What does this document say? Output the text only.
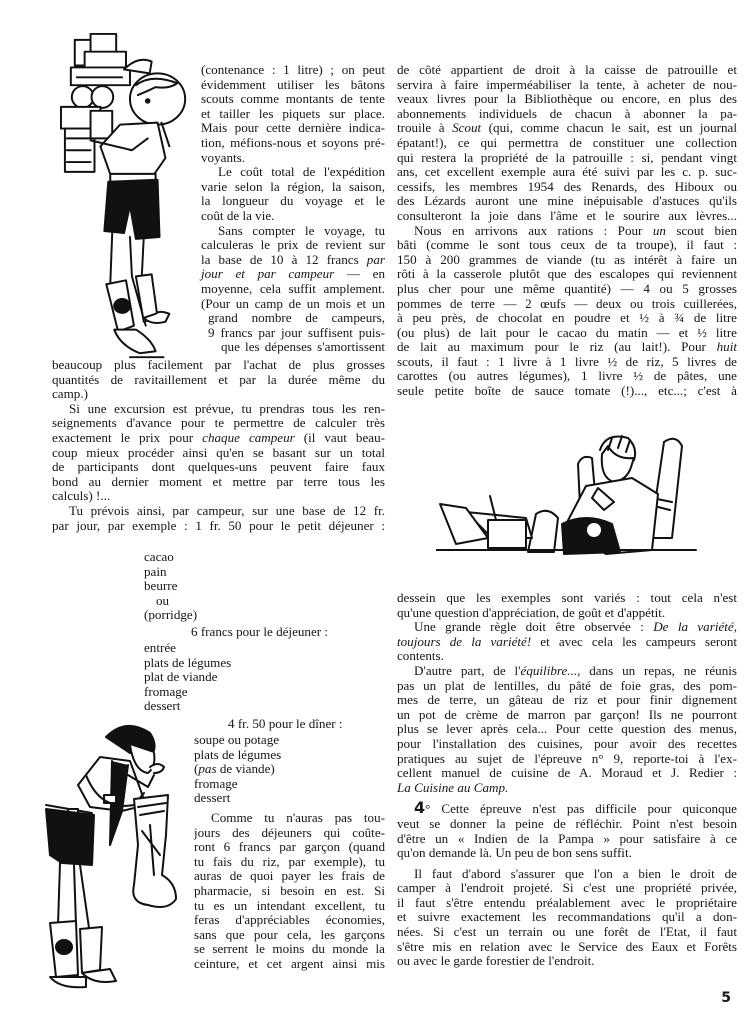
(contenance : 1 litre) ; on peut
évidemment utiliser les bâtons
scouts comme montants de tente
et tailler les piquets sur place.
Mais pour cette dernière indica-
tion, méfions-nous et soyons pré-
voyants.
Le coût total de l'expédition
varie selon la région, la saison,
la longueur du voyage et le
coût de la vie.
Sans compter le voyage, tu
calculeras le prix de revient sur
la base de 10 à 12 francs par
jour et par campeur — en
moyenne, cela suffit amplement.
(Pour un camp de un mois et un
grand nombre de campeurs,
9 francs par jour suffisent puis-
que les dépenses s'amortissent
beaucoup plus facilement par l'achat de plus grosses
quantités de ravitaillement et par la durée même du
camp.)
Si une excursion est prévue, tu prendras tous les ren-
seignements d'avance pour te permettre de calculer très
exactement le prix pour chaque campeur (il vaut beau-
coup mieux procéder ainsi qu'en se basant sur un total
de participants dont quelques-uns peuvent faire faux
bond au dernier moment et mettre par terre tous les
calculs) !...
Tu prévois ainsi, par campeur, sur une base de 12 fr.
par jour, par exemple : 1 fr. 50 pour le petit déjeuner :
cacao
pain
beurre
ou
(porridge)
6 francs pour le déjeuner :
entrée
plats de légumes
plat de viande
fromage
dessert
4 fr. 50 pour le dîner :
soupe ou potage
plats de légumes
(pas de viande)
fromage
dessert
Comme tu n'auras pas tou-
jours des déjeuners qui coûte-
ront 6 francs par garçon (quand
tu fais du riz, par exemple), tu
auras de quoi payer les frais de
pharmacie, si besoin en est. Si
tu es un intendant excellent, tu
feras d'appréciables économies,
sans que pour cela, les garçons
se serrent le moins du monde la
ceinture, et cet argent ainsi mis
de côté appartient de droit à la caisse de patrouille et
servira à faire imperméabiliser la tente, à acheter de nou-
veaux livres pour la Bibliothèque ou encore, en plus des
abonnements individuels de chacun à abonner la pa-
trouile à Scout (qui, comme chacun le sait, est un journal
épatant!), ce qui permettra de constituer une collection
qui restera la propriété de la patrouille : si, pendant vingt
ans, cet excellent exemple aura été suivi par les c. p. suc-
cessifs, les membres 1954 des Renards, des Hiboux ou
des Lézards auront une mine inépuisable d'astuces qu'ils
consulteront la joie dans l'âme et le sourire aux lèvres...
Nous en arrivons aux rations : Pour un scout bien
bâti (comme le sont tous ceux de ta troupe), il faut :
150 à 200 grammes de viande (tu as intérêt à faire un
rôti à la casserole plutôt que des escalopes qui reviennent
plus cher pour une même quantité) — 4 ou 5 grosses
pommes de terre — 2 œufs — deux ou trois cuillerées,
à peu près, de chocolat en poudre et ½ à ¾ de litre
(ou plus) de lait pour le cacao du matin — et ½ litre
de lait au maximum pour le riz (au lait!). Pour huit
scouts, il faut : 1 livre à 1 livre ½ de riz, 5 livres de
carottes (ou autres légumes), 1 livre ½ de pâtes, une
seule petite boîte de sauce tomate (!)..., etc...; c'est à
dessein que les exemples sont variés : tout cela n'est
qu'une question d'appréciation, de goût et d'appétit.
Une grande règle doit être observée : De la variété,
toujours de la variété! et avec cela les campeurs seront
contents.
D'autre part, de l'équilibre..., dans un repas, ne réunis
pas un plat de lentilles, du pâté de foie gras, des pom-
mes de terre, un gâteau de riz et pour finir dignement
un pot de crème de marron par garçon! Ils ne pourront
plus se lever après cela... Pour cette question des menus,
pour l'installation des cuisines, pour avoir des recettes
pratiques au sujet de l'épreuve n° 9, reporte-toi à l'ex-
cellent manuel de cuisine de A. Moraud et J. Redier :
La Cuisine au Camp.
4° Cette épreuve n'est pas difficile pour quiconque
veut se donner la peine de réfléchir. Point n'est besoin
d'être un « Indien de la Pampa » pour satisfaire à ce
qu'on demande là. Un peu de bon sens suffit.
Il faut d'abord s'assurer que l'on a bien le droit de
camper à l'endroit projeté. Si c'est une propriété privée,
il faut s'être entendu préalablement avec le propriétaire
et suivre exactement les recommandations qu'il a don-
nées. Si c'est un terrain ou une forêt de l'Etat, il faut
s'être mis en relation avec le Service des Eaux et Forêts
ou avec le garde forestier de l'endroit.
5
